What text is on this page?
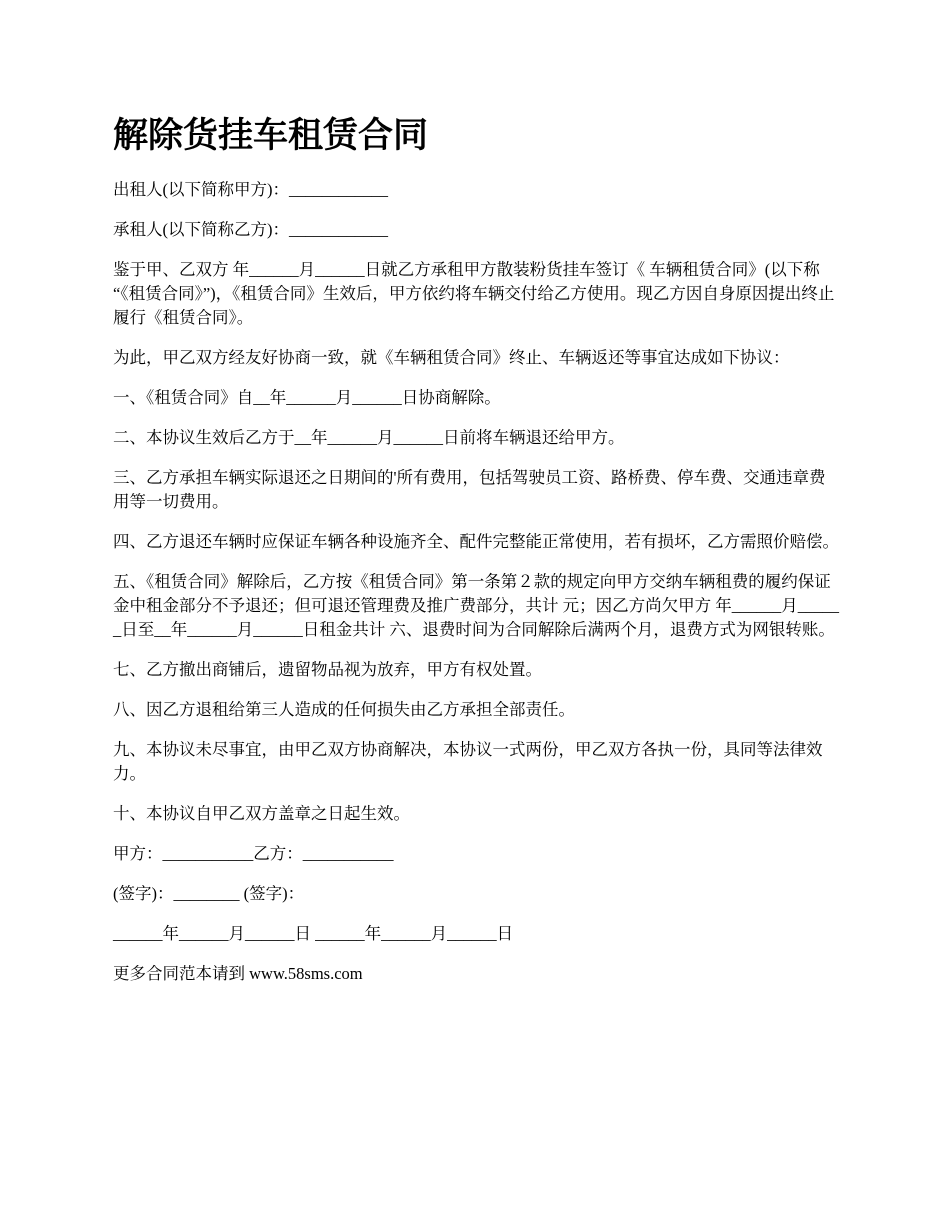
解除货挂车租赁合同

出租人(以下简称甲方)：____________

承租人(以下简称乙方)：____________

鉴于甲、乙双方 年______月______日就乙方承租甲方散装粉货挂车签订《 车辆租赁合同》(以下称 “《租赁合同》”)，《租赁合同》生效后，甲方依约将车辆交付给乙方使用。现乙方因自身原因提出终止履行《租赁合同》。

为此，甲乙双方经友好协商一致，就《车辆租赁合同》终止、车辆返还等事宜达成如下协议：

一、《租赁合同》自__年______月______日协商解除。

二、本协议生效后乙方于__年______月______日前将车辆退还给甲方。

三、乙方承担车辆实际退还之日期间的'所有费用，包括驾驶员工资、路桥费、停车费、交通违章费用等一切费用。

四、乙方退还车辆时应保证车辆各种设施齐全、配件完整能正常使用，若有损坏，乙方需照价赔偿。

五、《租赁合同》解除后，乙方按《租赁合同》第一条第２款的规定向甲方交纳车辆租费的履约保证金中租金部分不予退还；但可退还管理费及推广费部分，共计 元；因乙方尚欠甲方 年______月______日至__年______月______日租金共计 六、退费时间为合同解除后满两个月，退费方式为网银转账。

七、乙方撤出商铺后，遗留物品视为放弃，甲方有权处置。

八、因乙方退租给第三人造成的任何损失由乙方承担全部责任。

九、本协议未尽事宜，由甲乙双方协商解决，本协议一式两份，甲乙双方各执一份，具同等法律效力。

十、本协议自甲乙双方盖章之日起生效。

甲方：___________乙方：___________

(签字)：________ (签字)：

______年______月______日 ______年______月______日

更多合同范本请到 www.58sms.com
